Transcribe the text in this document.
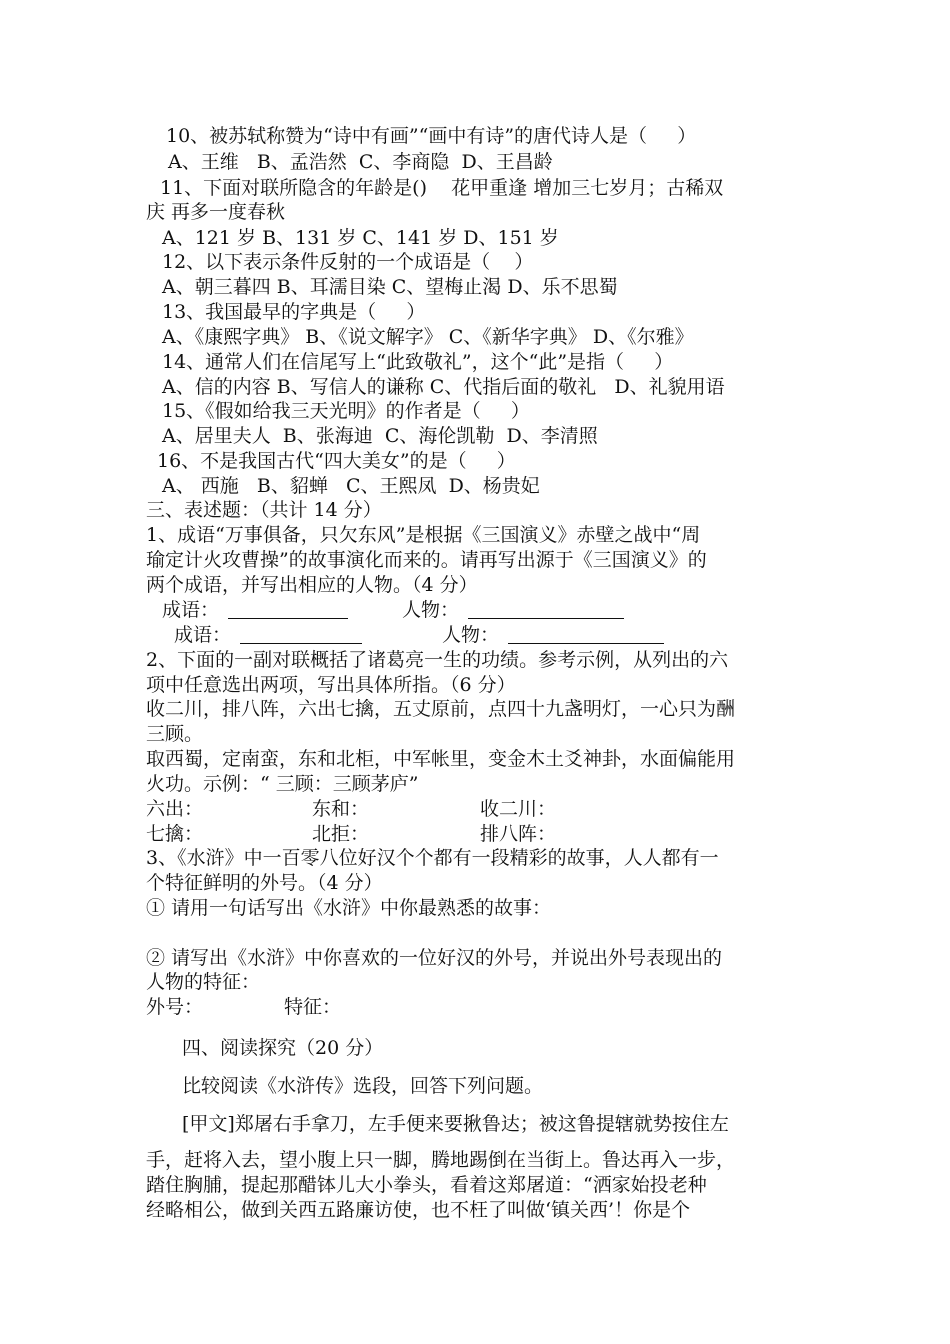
10、被苏轼称赞为“诗中有画”“画中有诗”的唐代诗人是（     ）

A、王维   B、孟浩然  C、李商隐  D、王昌龄

11、下面对联所隐含的年龄是()    花甲重逢 增加三七岁月；古稀双

庆 再多一度春秋

A、121 岁 B、131 岁 C、141 岁 D、151 岁

12、以下表示条件反射的一个成语是（    ）

A、朝三暮四 B、耳濡目染 C、望梅止渴 D、乐不思蜀

13、我国最早的字典是（     ）

A、《康熙字典》 B、《说文解字》 C、《新华字典》 D、《尔雅》

14、通常人们在信尾写上“此致敬礼”，这个“此”是指（     ）

A、信的内容 B、写信人的谦称 C、代指后面的敬礼   D、礼貌用语

15、《假如给我三天光明》的作者是（     ）

A、居里夫人  B、张海迪  C、海伦凯勒  D、李清照

16、不是我国古代“四大美女”的是（     ）

A、 西施   B、貂蝉   C、王熙凤  D、杨贵妃

三、表述题：（共计 14 分）

1、成语“万事俱备，只欠东风”是根据《三国演义》赤壁之战中“周

瑜定计火攻曹操”的故事演化而来的。请再写出源于《三国演义》的

两个成语，并写出相应的人物。（4 分）

成语：	人物：
成语：	人物：

2、下面的一副对联概括了诸葛亮一生的功绩。参考示例，从列出的六

项中任意选出两项，写出具体所指。（6 分）

收二川，排八阵，六出七擒，五丈原前，点四十九盏明灯，一心只为酬

三顾。

取西蜀，定南蛮，东和北柜，中军帐里，变金木土爻神卦，水面偏能用

火功。示例：“ 三顾：三顾茅庐”

六出：	东和：	收二川：
七擒：	北拒：	排八阵：

3、《水浒》中一百零八位好汉个个都有一段精彩的故事，人人都有一

个特征鲜明的外号。（4 分）

① 请用一句话写出《水浒》中你最熟悉的故事：

② 请写出《水浒》中你喜欢的一位好汉的外号，并说出外号表现出的

人物的特征：

外号：	特征：

四、阅读探究（20 分）

比较阅读《水浒传》选段，回答下列问题。

[甲文]郑屠右手拿刀，左手便来要揪鲁达；被这鲁提辖就势按住左

手，赶将入去，望小腹上只一脚，腾地踢倒在当街上。鲁达再入一步，

踏住胸脯，提起那醋钵儿大小拳头，看着这郑屠道：“洒家始投老种

经略相公，做到关西五路廉访使，也不枉了叫做‘镇关西’！你是个
